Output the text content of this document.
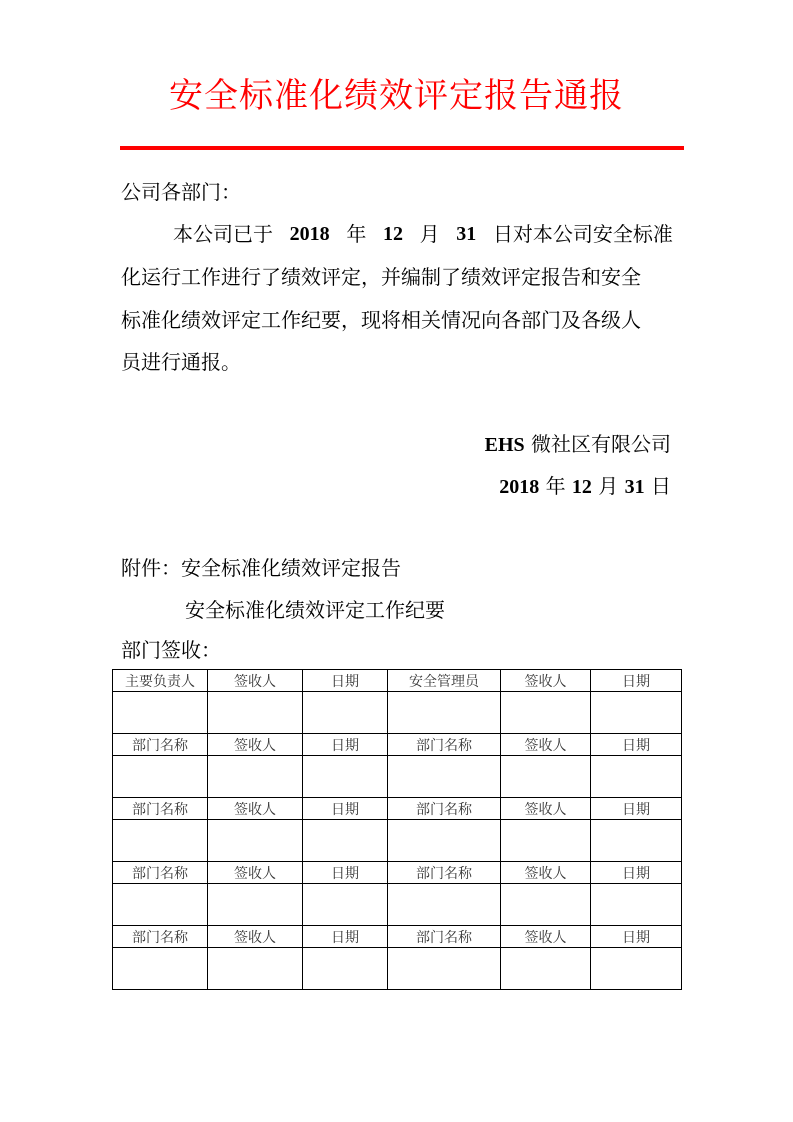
安全标准化绩效评定报告通报
公司各部门：
本公司已于 2018 年 12 月 31 日对本公司安全标准
化运行工作进行了绩效评定，并编制了绩效评定报告和安全
标准化绩效评定工作纪要，现将相关情况向各部门及各级人
员进行通报。
EHS 微社区有限公司
2018 年 12 月 31 日
附件：安全标准化绩效评定报告
安全标准化绩效评定工作纪要
部门签收：
主要负责人	签收人	日期	安全管理员	签收人	日期

部门名称	签收人	日期	部门名称	签收人	日期

部门名称	签收人	日期	部门名称	签收人	日期

部门名称	签收人	日期	部门名称	签收人	日期

部门名称	签收人	日期	部门名称	签收人	日期
